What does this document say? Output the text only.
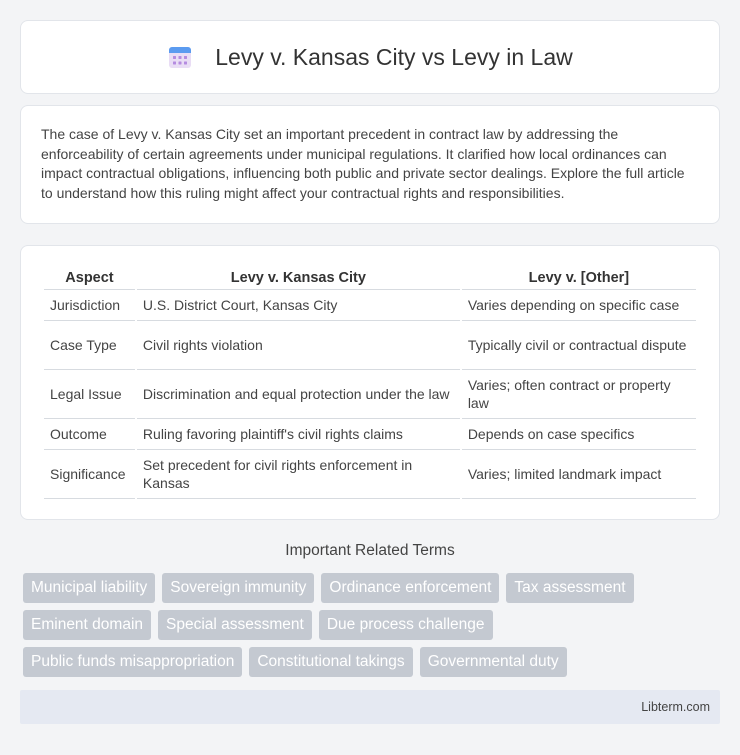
Levy v. Kansas City vs Levy in Law

The case of Levy v. Kansas City set an important precedent in contract law by addressing the enforceability of certain agreements under municipal regulations. It clarified how local ordinances can impact contractual obligations, influencing both public and private sector dealings. Explore the full article to understand how this ruling might affect your contractual rights and responsibilities.

Aspect	Levy v. Kansas City	Levy v. [Other]
Jurisdiction	U.S. District Court, Kansas City	Varies depending on specific case
Case Type	Civil rights violation	Typically civil or contractual dispute
Legal Issue	Discrimination and equal protection under the law	Varies; often contract or property law
Outcome	Ruling favoring plaintiff's civil rights claims	Depends on case specifics
Significance	Set precedent for civil rights enforcement in Kansas	Varies; limited landmark impact
Important Related Terms
Municipal liability	Sovereign immunity	Ordinance enforcement	Tax assessment
Eminent domain	Special assessment	Due process challenge
Public funds misappropriation	Constitutional takings	Governmental duty
Libterm.com
